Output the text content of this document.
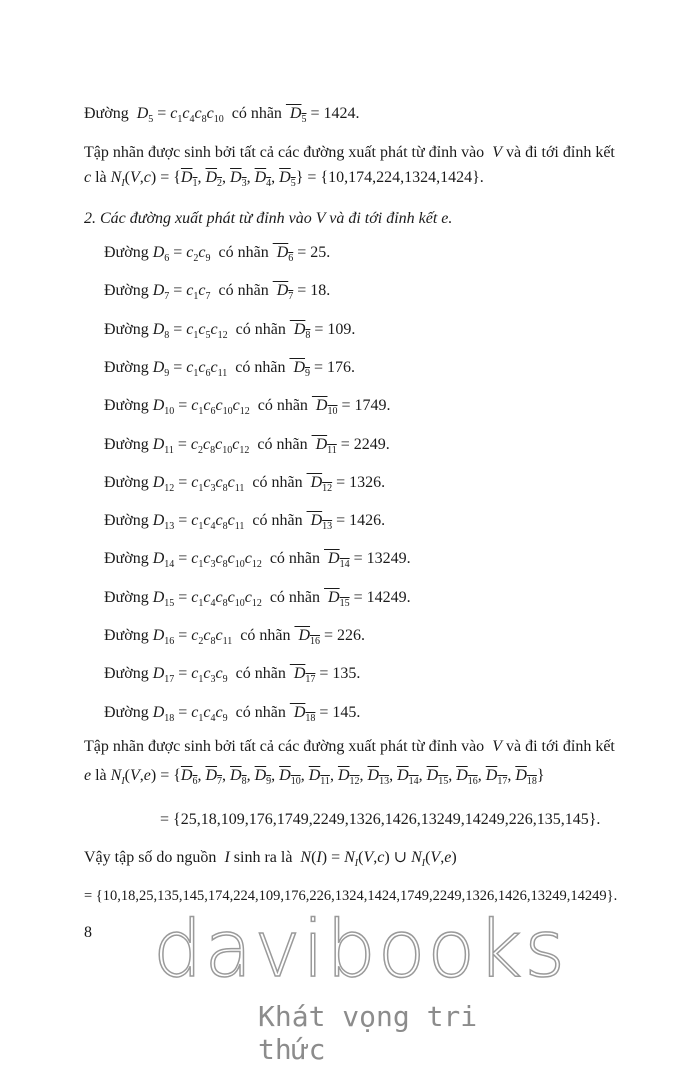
Đường  $D_5 = c_1c_4c_8c_{10}$ có nhãn  $D_5 = 1424$.
Tập nhãn được sinh bởi tất cả các đường xuất phát từ đỉnh vào  V và đi tới đỉnh kết
c là $N_I(V,c) = \{D_1$, $D_2$, $D_3$, $D_4$, $D_5\} = \{10,174,224,1324,1424\}$.
2. Các đường xuất phát từ đỉnh vào V và đi tới đỉnh kết e.
Đường $D_6 = c_2c_9$ có nhãn  $D_6 = 25$.
Đường $D_7 = c_1c_7$ có nhãn  $D_7 = 18$.
Đường $D_8 = c_1c_5c_{12}$ có nhãn  $D_8 = 109$.
Đường $D_9 = c_1c_6c_{11}$ có nhãn  $D_9 = 176$.
Đường $D_{10} = c_1c_6c_{10}c_{12}$ có nhãn  $D_{10} = 1749$.
Đường $D_{11} = c_2c_8c_{10}c_{12}$ có nhãn  $D_{11} = 2249$.
Đường $D_{12} = c_1c_3c_8c_{11}$ có nhãn  $D_{12} = 1326$.
Đường $D_{13} = c_1c_4c_8c_{11}$ có nhãn  $D_{13} = 1426$.
Đường $D_{14} = c_1c_3c_8c_{10}c_{12}$ có nhãn  $D_{14} = 13249$.
Đường $D_{15} = c_1c_4c_8c_{10}c_{12}$ có nhãn  $D_{15} = 14249$.
Đường $D_{16} = c_2c_8c_{11}$ có nhãn  $D_{16} = 226$.
Đường $D_{17} = c_1c_3c_9$ có nhãn  $D_{17} = 135$.
Đường $D_{18} = c_1c_4c_9$ có nhãn  $D_{18} = 145$.
Tập nhãn được sinh bởi tất cả các đường xuất phát từ đỉnh vào  V và đi tới đỉnh kết
e là $N_I(V,e) = \{D_6$, $D_7$, $D_8$, $D_9$, $D_{10}$, $D_{11}$, $D_{12}$, $D_{13}$, $D_{14}$, $D_{15}$, $D_{16}$, $D_{17}$, $D_{18}$}
= {25,18,109,176,1749,2249,1326,1426,13249,14249,226,135,145}.
Vậy tập số do nguồn  I sinh ra là $N(I) = N_I(V,c)$ ∪ $N_I(V,e)$
= {10,18,25,135,145,174,224,109,176,226,1324,1424,1749,2249,1326,1426,13249,14249}.
8 davibooks
Khát vọng tri thức
